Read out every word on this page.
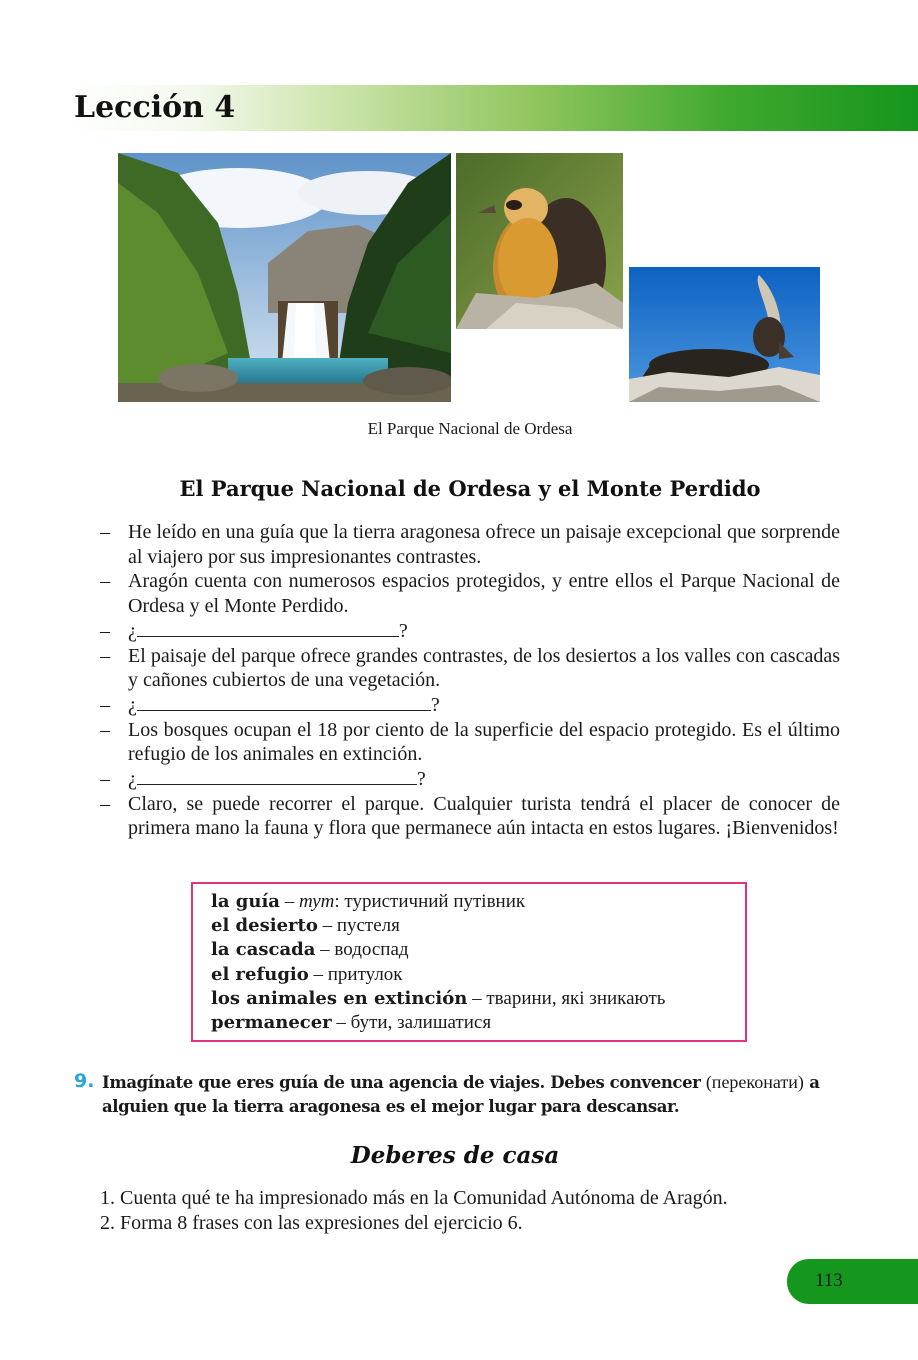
Lección 4
El Parque Nacional de Ordesa
El Parque Nacional de Ordesa y el Monte Perdido
– He leído en una guía que la tierra aragonesa ofrece un paisaje excepcional que sorprende al viajero por sus impresionantes contrastes.
– Aragón cuenta con numerosos espacios protegidos, y entre ellos el Parque Nacional de Ordesa y el Monte Perdido.
– ¿	?
– El paisaje del parque ofrece grandes contrastes, de los desiertos a los valles con cascadas y cañones cubiertos de una vegetación.
– ¿	?
– Los bosques ocupan el 18 por ciento de la superficie del espacio protegido. Es el último refugio de los animales en extinción.
– ¿	?
– Claro, se puede recorrer el parque. Cualquier turista tendrá el placer de conocer de primera mano la fauna y flora que permanece aún intacta en estos lugares. ¡Bienvenidos!
la guía – тут: туристичний путівник
el desierto – пустеля
la cascada – водоспад
el refugio – притулок
los animales en extinción – тварини, які зникають
permanecer – бути, залишатися
9. Imagínate que eres guía de una agencia de viajes. Debes convencer (переконати) a alguien que la tierra aragonesa es el mejor lugar para descansar.

Deberes de casa
1. Cuenta qué te ha impresionado más en la Comunidad Autónoma de Aragón.
2. Forma 8 frases con las expresiones del ejercicio 6.
113
